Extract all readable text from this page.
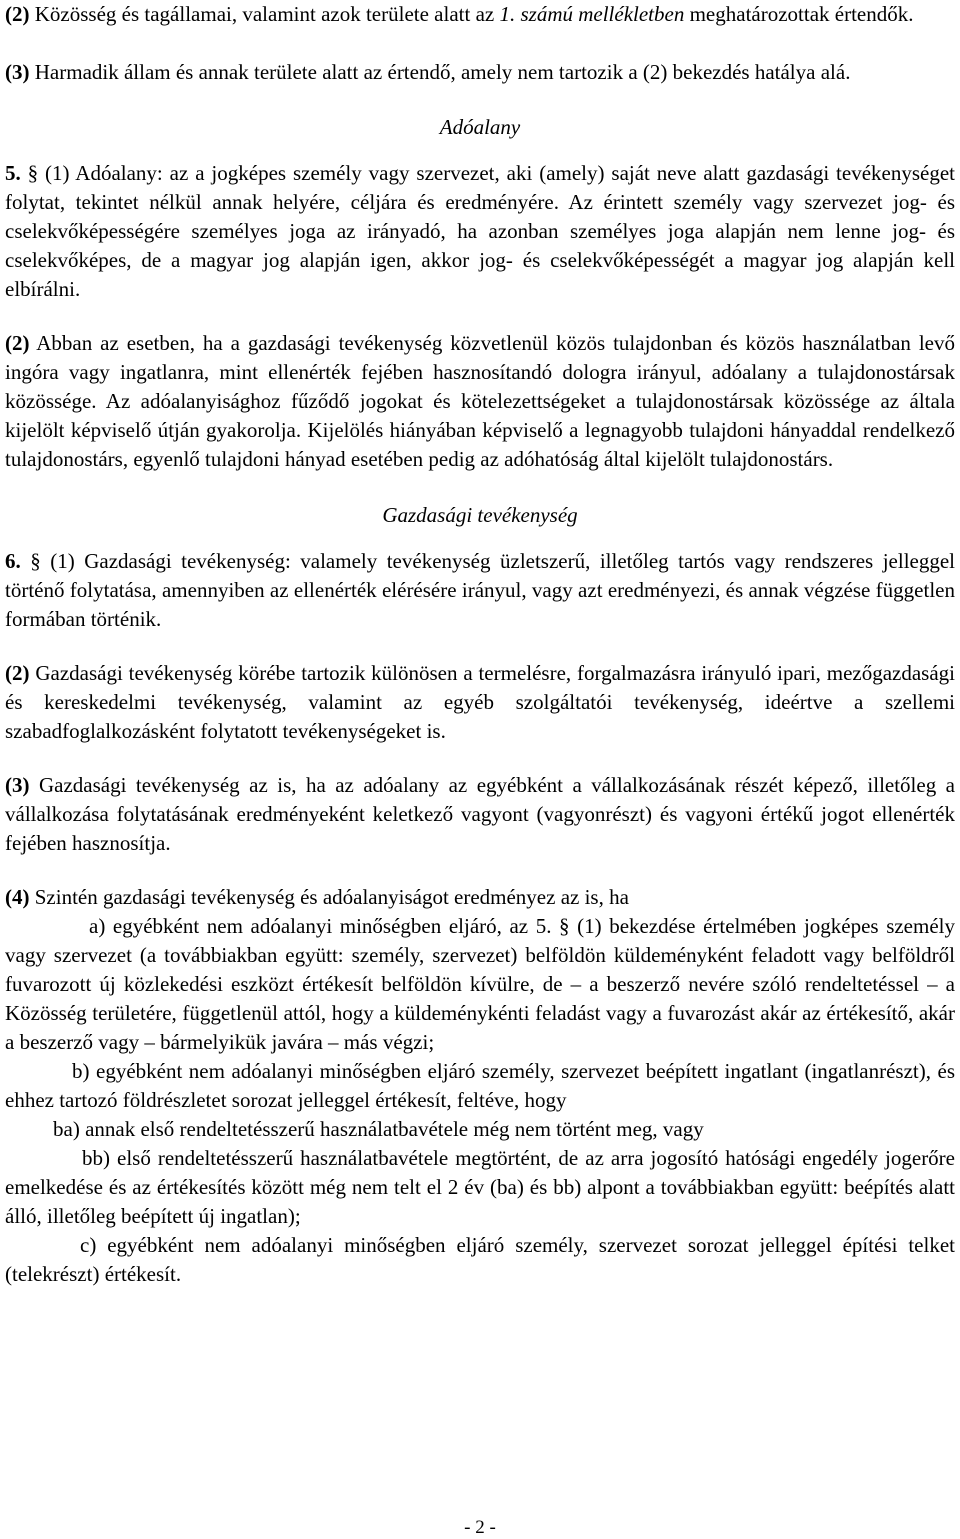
(2) Közösség és tagállamai, valamint azok területe alatt az 1. számú mellékletben meghatározottak értendők.

(3) Harmadik állam és annak területe alatt az értendő, amely nem tartozik a (2) bekezdés hatálya alá.

Adóalany

5. § (1) Adóalany: az a jogképes személy vagy szervezet, aki (amely) saját neve alatt gazdasági tevékenységet folytat, tekintet nélkül annak helyére, céljára és eredményére. Az érintett személy vagy szervezet jog- és cselekvőképességére személyes joga az irányadó, ha azonban személyes joga alapján nem lenne jog- és cselekvőképes, de a magyar jog alapján igen, akkor jog- és cselekvőképességét a magyar jog alapján kell elbírálni.

(2) Abban az esetben, ha a gazdasági tevékenység közvetlenül közös tulajdonban és közös használatban levő ingóra vagy ingatlanra, mint ellenérték fejében hasznosítandó dologra irányul, adóalany a tulajdonostársak közössége. Az adóalanyisághoz fűződő jogokat és kötelezettségeket a tulajdonostársak közössége az általa kijelölt képviselő útján gyakorolja. Kijelölés hiányában képviselő a legnagyobb tulajdoni hányaddal rendelkező tulajdonostárs, egyenlő tulajdoni hányad esetében pedig az adóhatóság által kijelölt tulajdonostárs.

Gazdasági tevékenység

6. § (1) Gazdasági tevékenység: valamely tevékenység üzletszerű, illetőleg tartós vagy rendszeres jelleggel történő folytatása, amennyiben az ellenérték elérésére irányul, vagy azt eredményezi, és annak végzése független formában történik.

(2) Gazdasági tevékenység körébe tartozik különösen a termelésre, forgalmazásra irányuló ipari, mezőgazdasági és kereskedelmi tevékenység, valamint az egyéb szolgáltatói tevékenység, ideértve a szellemi szabadfoglalkozásként folytatott tevékenységeket is.

(3) Gazdasági tevékenység az is, ha az adóalany az egyébként a vállalkozásának részét képező, illetőleg a vállalkozása folytatásának eredményeként keletkező vagyont (vagyonrészt) és vagyoni értékű jogot ellenérték fejében hasznosítja.

(4) Szintén gazdasági tevékenység és adóalanyiságot eredményez az is, ha

a) egyébként nem adóalanyi minőségben eljáró, az 5. § (1) bekezdése értelmében jogképes személy vagy szervezet (a továbbiakban együtt: személy, szervezet) belföldön küldeményként feladott vagy belföldről fuvarozott új közlekedési eszközt értékesít belföldön kívülre, de – a beszerző nevére szóló rendeltetéssel – a Közösség területére, függetlenül attól, hogy a küldeménykénti feladást vagy a fuvarozást akár az értékesítő, akár a beszerző vagy – bármelyikük javára – más végzi;

b) egyébként nem adóalanyi minőségben eljáró személy, szervezet beépített ingatlant (ingatlanrészt), és ehhez tartozó földrészletet sorozat jelleggel értékesít, feltéve, hogy

ba) annak első rendeltetésszerű használatbavétele még nem történt meg, vagy

bb) első rendeltetésszerű használatbavétele megtörtént, de az arra jogosító hatósági engedély jogerőre emelkedése és az értékesítés között még nem telt el 2 év (ba) és bb) alpont a továbbiakban együtt: beépítés alatt álló, illetőleg beépített új ingatlan);

c) egyébként nem adóalanyi minőségben eljáró személy, szervezet sorozat jelleggel építési telket (telekrészt) értékesít.

- 2 -
